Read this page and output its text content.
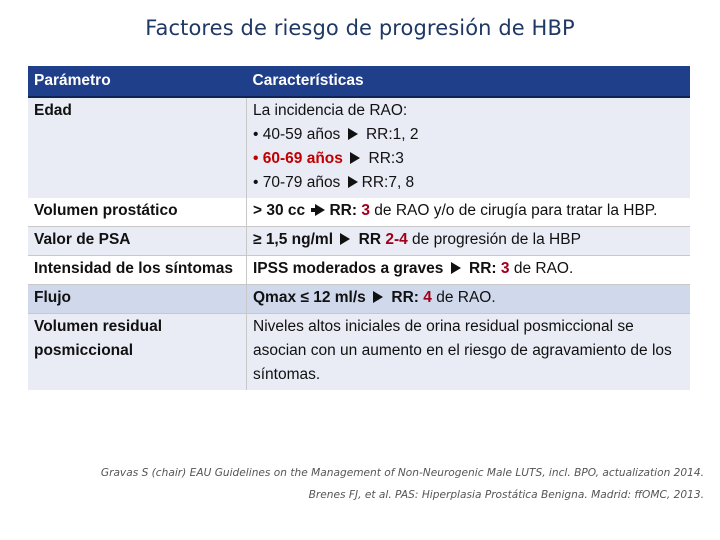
Factores de riesgo de progresión de HBP
Parámetro	Características
Edad	La incidencia de RAO:
• 40-59 años RR:1, 2
• 60-69 años RR:3
• 70-79 años RR:7, 8

Volumen prostático	> 30 cc RR: 3 de RAO y/o de cirugía para tratar la HBP.
Valor de PSA	≥ 1,5 ng/ml RR 2-4 de progresión de la HBP
Intensidad de los síntomas	IPSS moderados a graves RR: 3 de RAO.
Flujo	Qmax ≤ 12 ml/s RR: 4 de RAO.
Volumen residual posmiccional	Niveles altos iniciales de orina residual posmiccional se asocian con un aumento en el riesgo de agravamiento de los síntomas.
Gravas S (chair) EAU Guidelines on the Management of Non-Neurogenic Male LUTS, incl. BPO, actualization 2014.
Brenes FJ, et al. PAS: Hiperplasia Prostática Benigna. Madrid: ffOMC, 2013.
